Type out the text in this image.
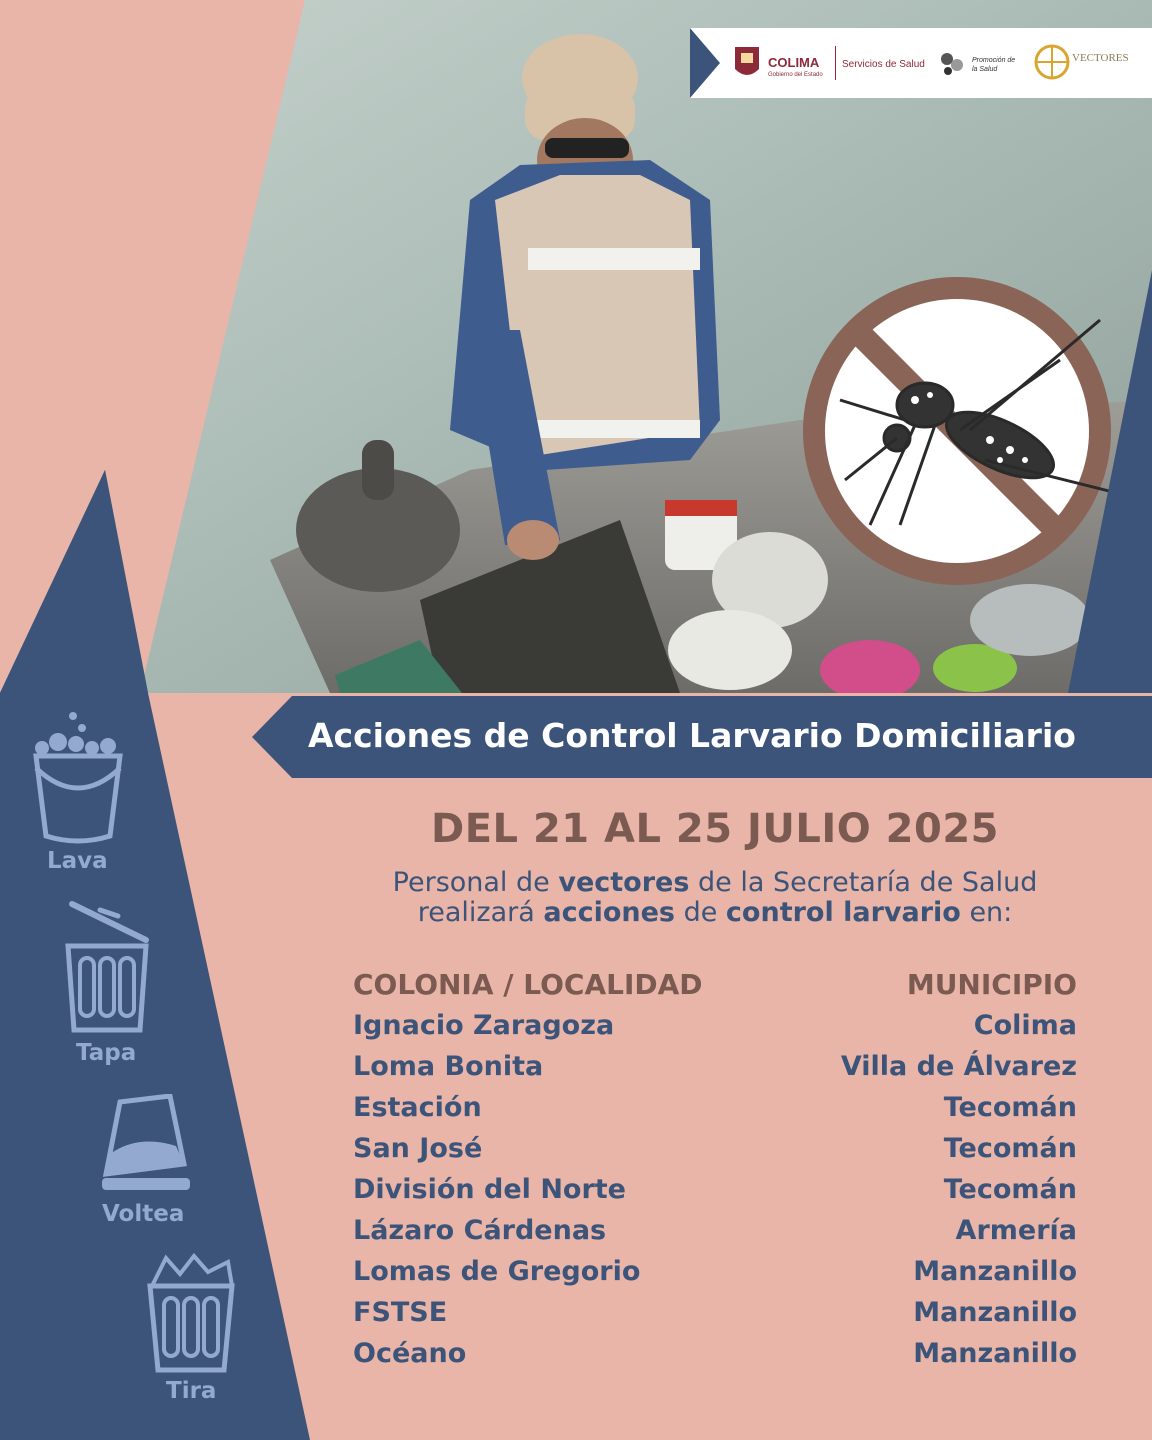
COLIMA
Gobierno del Estado
Servicios de Salud	Promoción de la Salud
VECTORES
Lava
Tapa
Voltea
Tira
Acciones de Control Larvario Domiciliario
DEL 21 AL 25 JULIO 2025
Personal de vectores de la Secretaría de Salud
realizará acciones de control larvario en:
COLONIA / LOCALIDAD	MUNICIPIO
Ignacio Zaragoza	Colima
Loma Bonita	Villa de Álvarez
Estación	Tecomán
San José	Tecomán
División del Norte	Tecomán
Lázaro Cárdenas	Armería
Lomas de Gregorio	Manzanillo
FSTSE	Manzanillo
Océano	Manzanillo
